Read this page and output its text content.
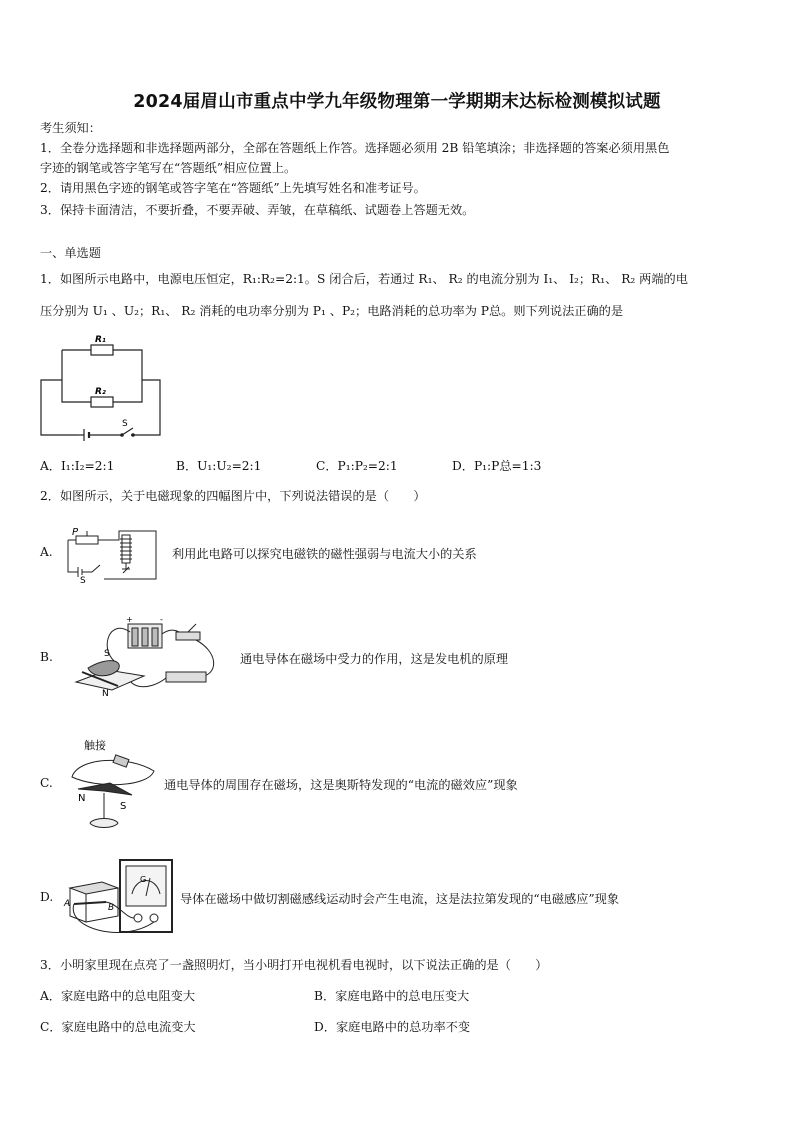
2024届眉山市重点中学九年级物理第一学期期末达标检测模拟试题
考生须知：
1．全卷分选择题和非选择题两部分，全部在答题纸上作答。选择题必须用 2B 铅笔填涂；非选择题的答案必须用黑色
字迹的钢笔或答字笔写在“答题纸”相应位置上。
2．请用黑色字迹的钢笔或答字笔在“答题纸”上先填写姓名和准考证号。
3．保持卡面清洁，不要折叠，不要弄破、弄皱，在草稿纸、试题卷上答题无效。
一、单选题
1．如图所示电路中，电源电压恒定，R₁:R₂=2:1。S 闭合后，若通过 R₁、 R₂ 的电流分别为 I₁、 I₂；R₁、 R₂ 两端的电
压分别为 U₁ 、U₂；R₁、 R₂ 消耗的电功率分别为 P₁ 、P₂；电路消耗的总功率为 P总。则下列说法正确的是
R₁
R₂
S
A．I₁:I₂=2:1	B．U₁:U₂=2:1	C．P₁:P₂=2:1	D．P₁:P总=1:3
2．如图所示，关于电磁现象的四幅图片中，下列说法错误的是（　　）
A.
P
S
利用此电路可以探究电磁铁的磁性强弱与电流大小的关系
B.	S
N
+	-
通电导体在磁场中受力的作用，这是发电机的原理
C.
触接
N
S
通电导体的周围存在磁场，这是奥斯特发现的“电流的磁效应”现象
D.
G
A	B
导体在磁场中做切割磁感线运动时会产生电流，这是法拉第发现的“电磁感应”现象
3．小明家里现在点亮了一盏照明灯，当小明打开电视机看电视时，以下说法正确的是（　　）
A．家庭电路中的总电阻变大	B．家庭电路中的总电压变大
C．家庭电路中的总电流变大	D．家庭电路中的总功率不变
